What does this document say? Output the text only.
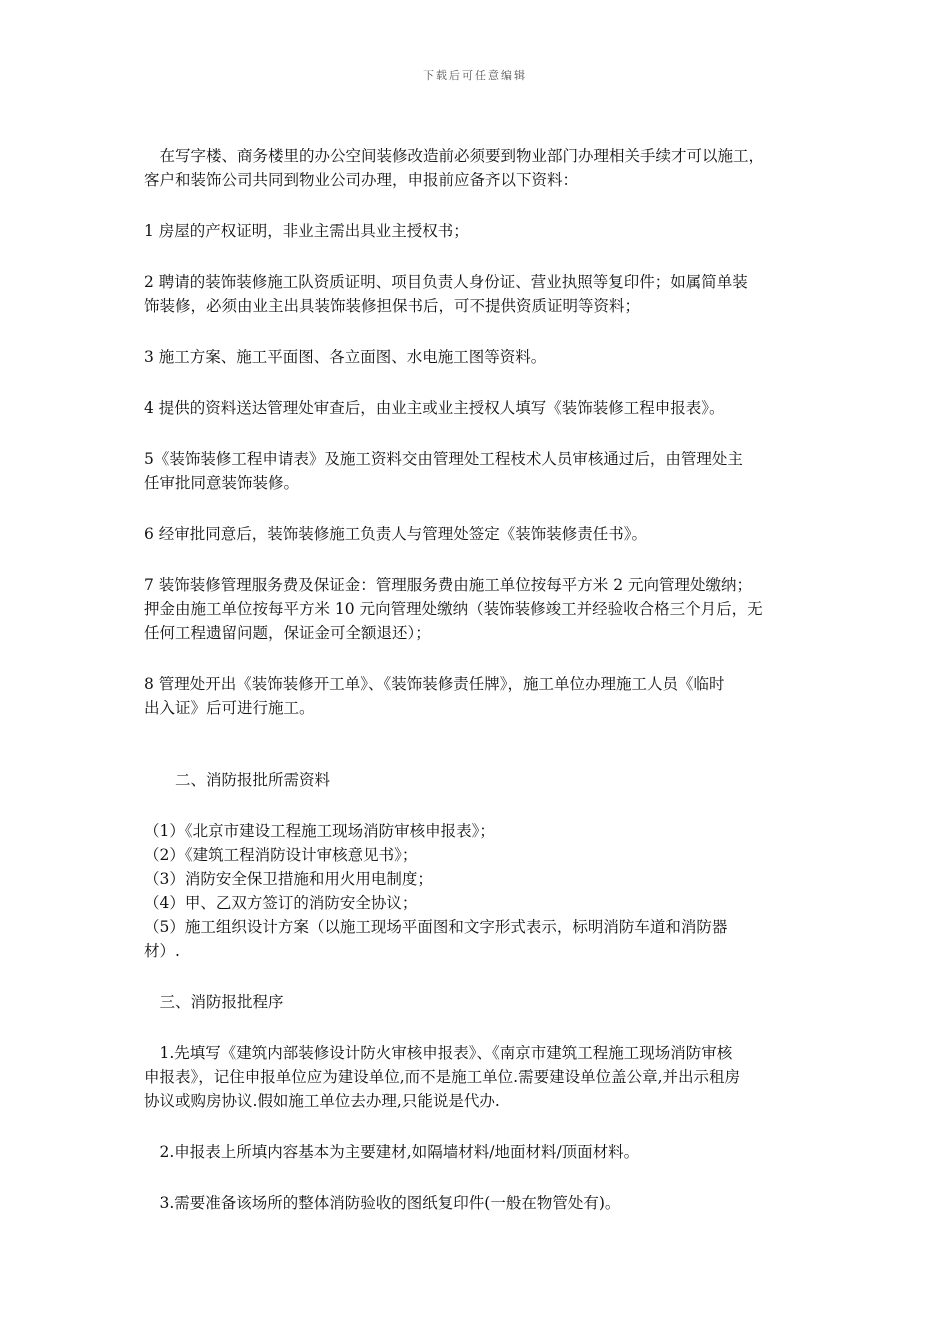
下载后可任意编辑

　在写字楼、商务楼里的办公空间装修改造前必须要到物业部门办理相关手续才可以施工，
客户和装饰公司共同到物业公司办理，申报前应备齐以下资料：

1 房屋的产权证明，非业主需出具业主授权书；

2 聘请的装饰装修施工队资质证明、项目负责人身份证、营业执照等复印件；如属简单装
饰装修，必须由业主出具装饰装修担保书后，可不提供资质证明等资料；

3 施工方案、施工平面图、各立面图、水电施工图等资料。

4 提供的资料送达管理处审查后，由业主或业主授权人填写《装饰装修工程申报表》。

5《装饰装修工程申请表》及施工资料交由管理处工程枝术人员审核通过后，由管理处主
任审批同意装饰装修。

6 经审批同意后，装饰装修施工负责人与管理处签定《装饰装修责任书》。

7 装饰装修管理服务费及保证金：管理服务费由施工单位按每平方米 2 元向管理处缴纳；
押金由施工单位按每平方米 10 元向管理处缴纳（装饰装修竣工并经验收合格三个月后，无
任何工程遗留问题，保证金可全额退还）；

8 管理处开出《装饰装修开工单》、《装饰装修责任牌》，施工单位办理施工人员《临时
出入证》后可进行施工。

　　二、消防报批所需资料

（1）《北京市建设工程施工现场消防审核申报表》；
（2）《建筑工程消防设计审核意见书》；
（3）消防安全保卫措施和用火用电制度；
（4）甲、乙双方签订的消防安全协议；
（5）施工组织设计方案（以施工现场平面图和文字形式表示，标明消防车道和消防器
材）.

　三、消防报批程序

　1.先填写《建筑内部装修设计防火审核申报表》、《南京市建筑工程施工现场消防审核
申报表》，记住申报单位应为建设单位,而不是施工单位.需要建设单位盖公章,并出示租房
协议或购房协议.假如施工单位去办理,只能说是代办.

　2.申报表上所填内容基本为主要建材,如隔墙材料/地面材料/顶面材料。

　3.需要准备该场所的整体消防验收的图纸复印件(一般在物管处有)。
